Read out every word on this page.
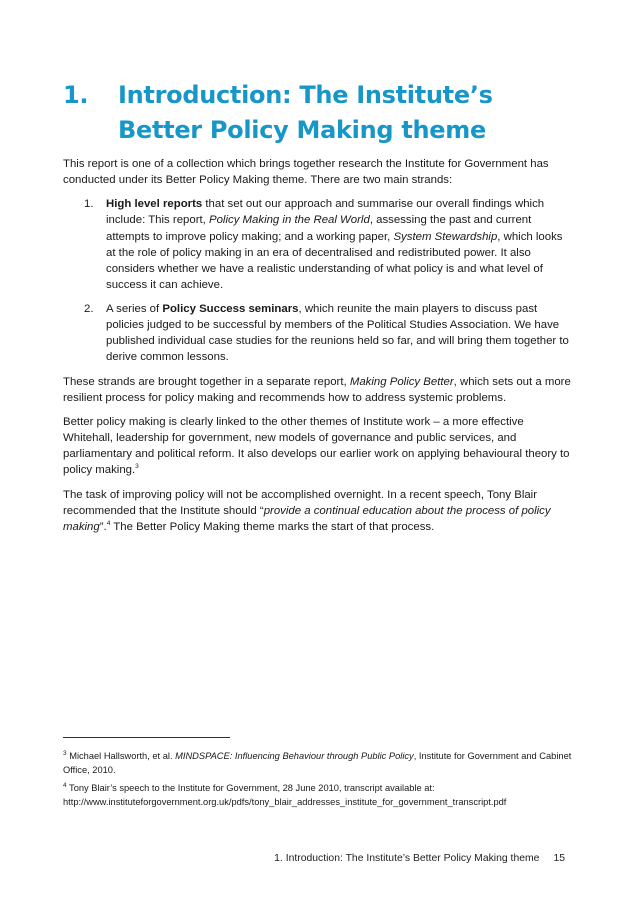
1. Introduction: The Institute’s Better Policy Making theme

This report is one of a collection which brings together research the Institute for Government has conducted under its Better Policy Making theme. There are two main strands:

1. High level reports that set out our approach and summarise our overall findings which include: This report, Policy Making in the Real World, assessing the past and current attempts to improve policy making; and a working paper, System Stewardship, which looks at the role of policy making in an era of decentralised and redistributed power. It also considers whether we have a realistic understanding of what policy is and what level of success it can achieve.
2. A series of Policy Success seminars, which reunite the main players to discuss past policies judged to be successful by members of the Political Studies Association. We have published individual case studies for the reunions held so far, and will bring them together to derive common lessons.

These strands are brought together in a separate report, Making Policy Better, which sets out a more resilient process for policy making and recommends how to address systemic problems.

Better policy making is clearly linked to the other themes of Institute work – a more effective Whitehall, leadership for government, new models of governance and public services, and parliamentary and political reform. It also develops our earlier work on applying behavioural theory to policy making.$^3$

The task of improving policy will not be accomplished overnight. In a recent speech, Tony Blair recommended that the Institute should “provide a continual education about the process of policy making”.$^4$ The Better Policy Making theme marks the start of that process.

$^3$ Michael Hallsworth, et al. MINDSPACE: Influencing Behaviour through Public Policy, Institute for Government and Cabinet Office, 2010.

$^4$ Tony Blair’s speech to the Institute for Government, 28 June 2010, transcript available at:
http://www.instituteforgovernment.org.uk/pdfs/tony_blair_addresses_institute_for_government_transcript.pdf

1. Introduction: The Institute’s Better Policy Making theme 15
